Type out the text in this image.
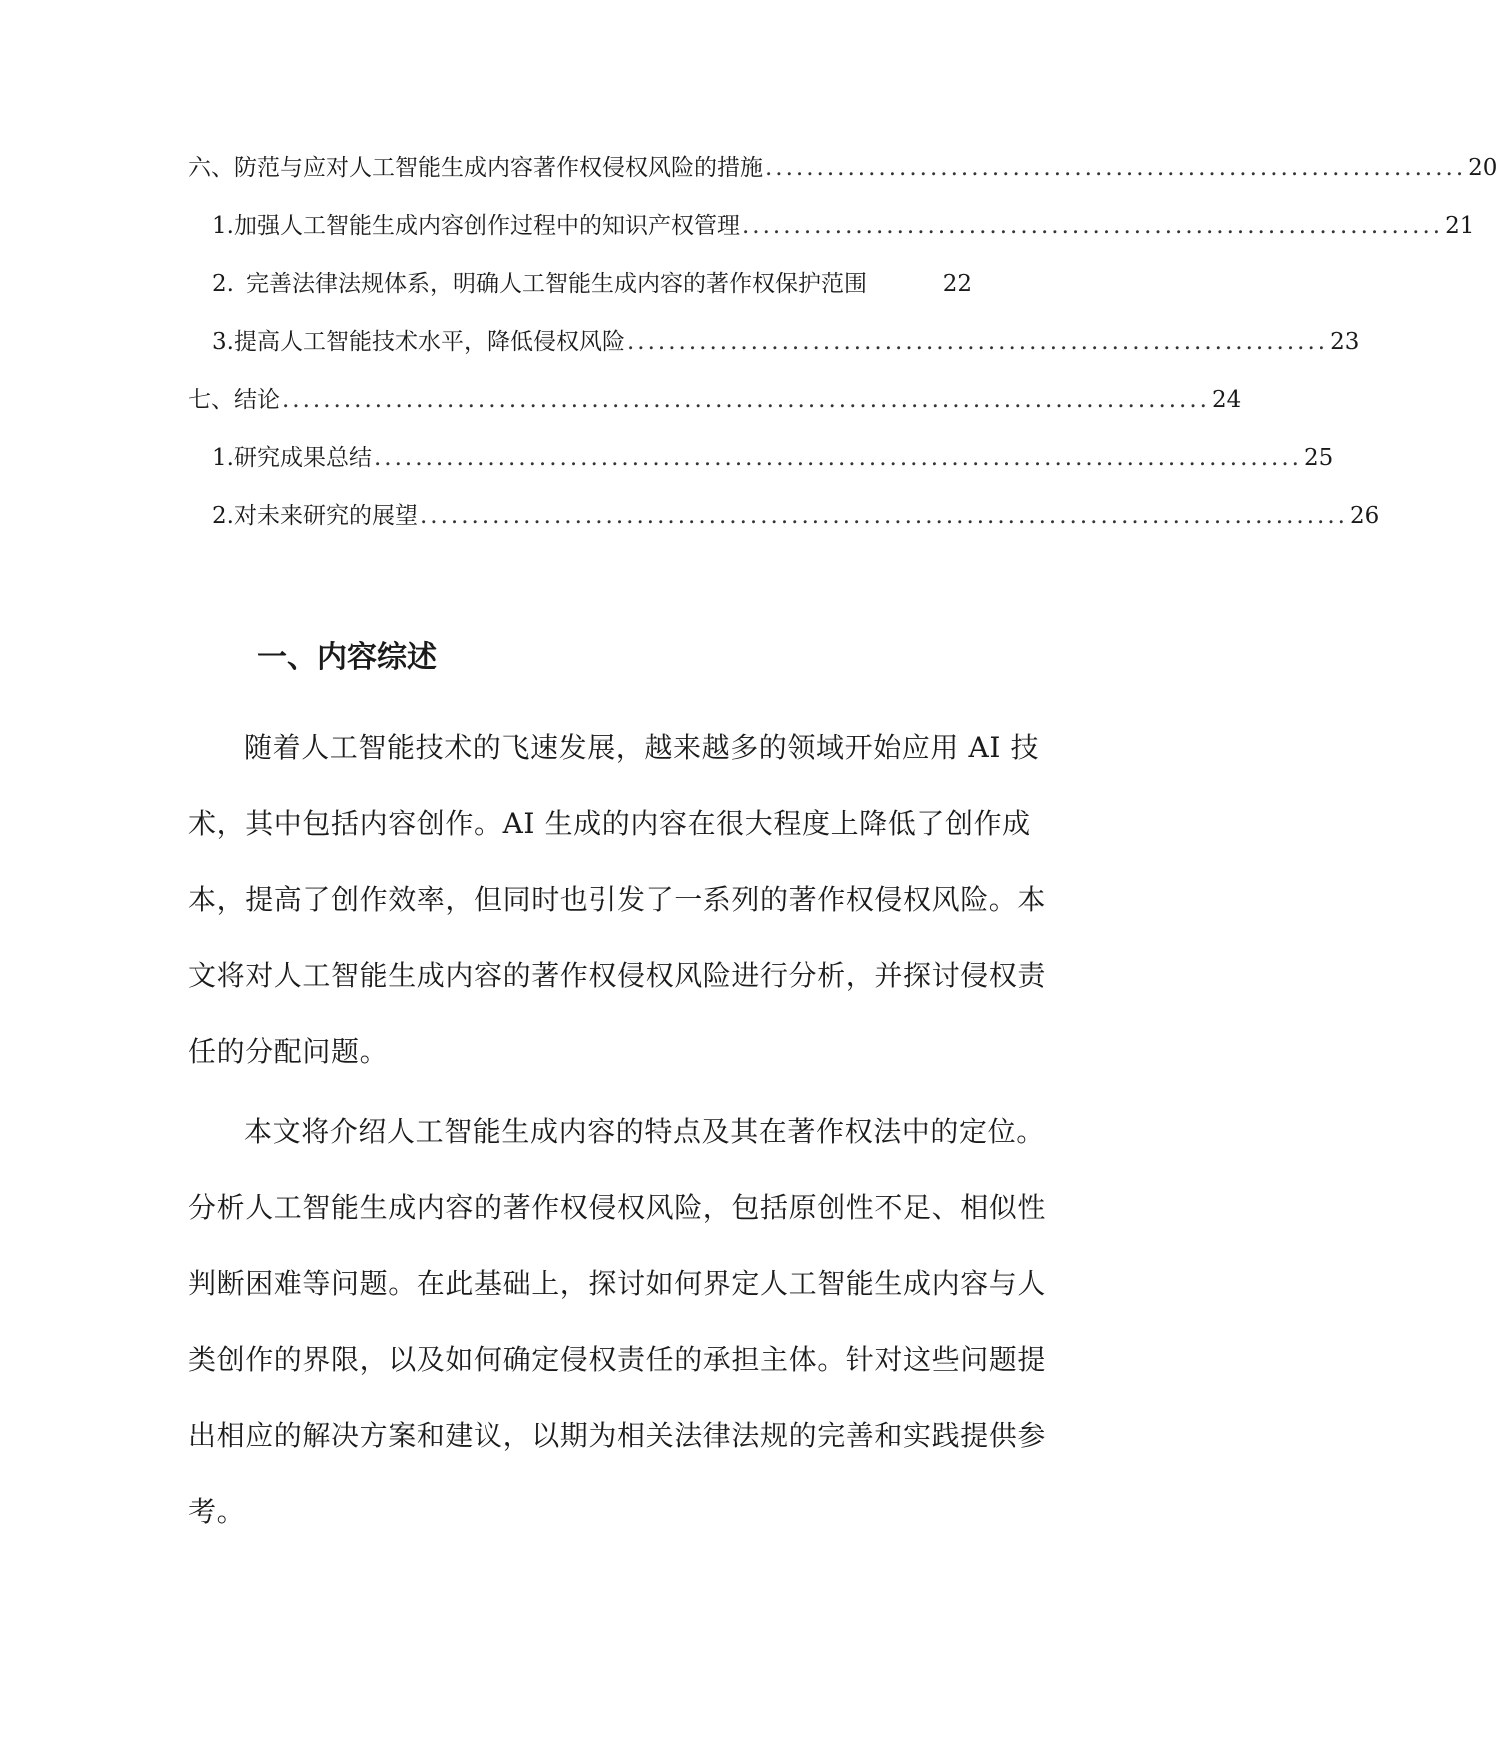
六、防范与应对人工智能生成内容著作权侵权风险的措施 .................................................................... 20
1. 加强人工智能生成内容创作过程中的知识产权管理 .................................................................... 21
2. 完善法律法规体系，明确人工智能生成内容的著作权保护范围	22
3. 提高人工智能技术水平，降低侵权风险 .................................................................... 23
七、结论 .......................................................................................... 24
1. 研究成果总结 .......................................................................................... 25
2. 对未来研究的展望 .......................................................................................... 26
一、内容综述

随着人工智能技术的飞速发展，越来越多的领域开始应用 AI 技术，其中包括内容创作。AI 生成的内容在很大程度上降低了创作成本，提高了创作效率，但同时也引发了一系列的著作权侵权风险。本文将对人工智能生成内容的著作权侵权风险进行分析，并探讨侵权责任的分配问题。

本文将介绍人工智能生成内容的特点及其在著作权法中的定位。分析人工智能生成内容的著作权侵权风险，包括原创性不足、相似性判断困难等问题。在此基础上，探讨如何界定人工智能生成内容与人类创作的界限，以及如何确定侵权责任的承担主体。针对这些问题提出相应的解决方案和建议，以期为相关法律法规的完善和实践提供参考。
